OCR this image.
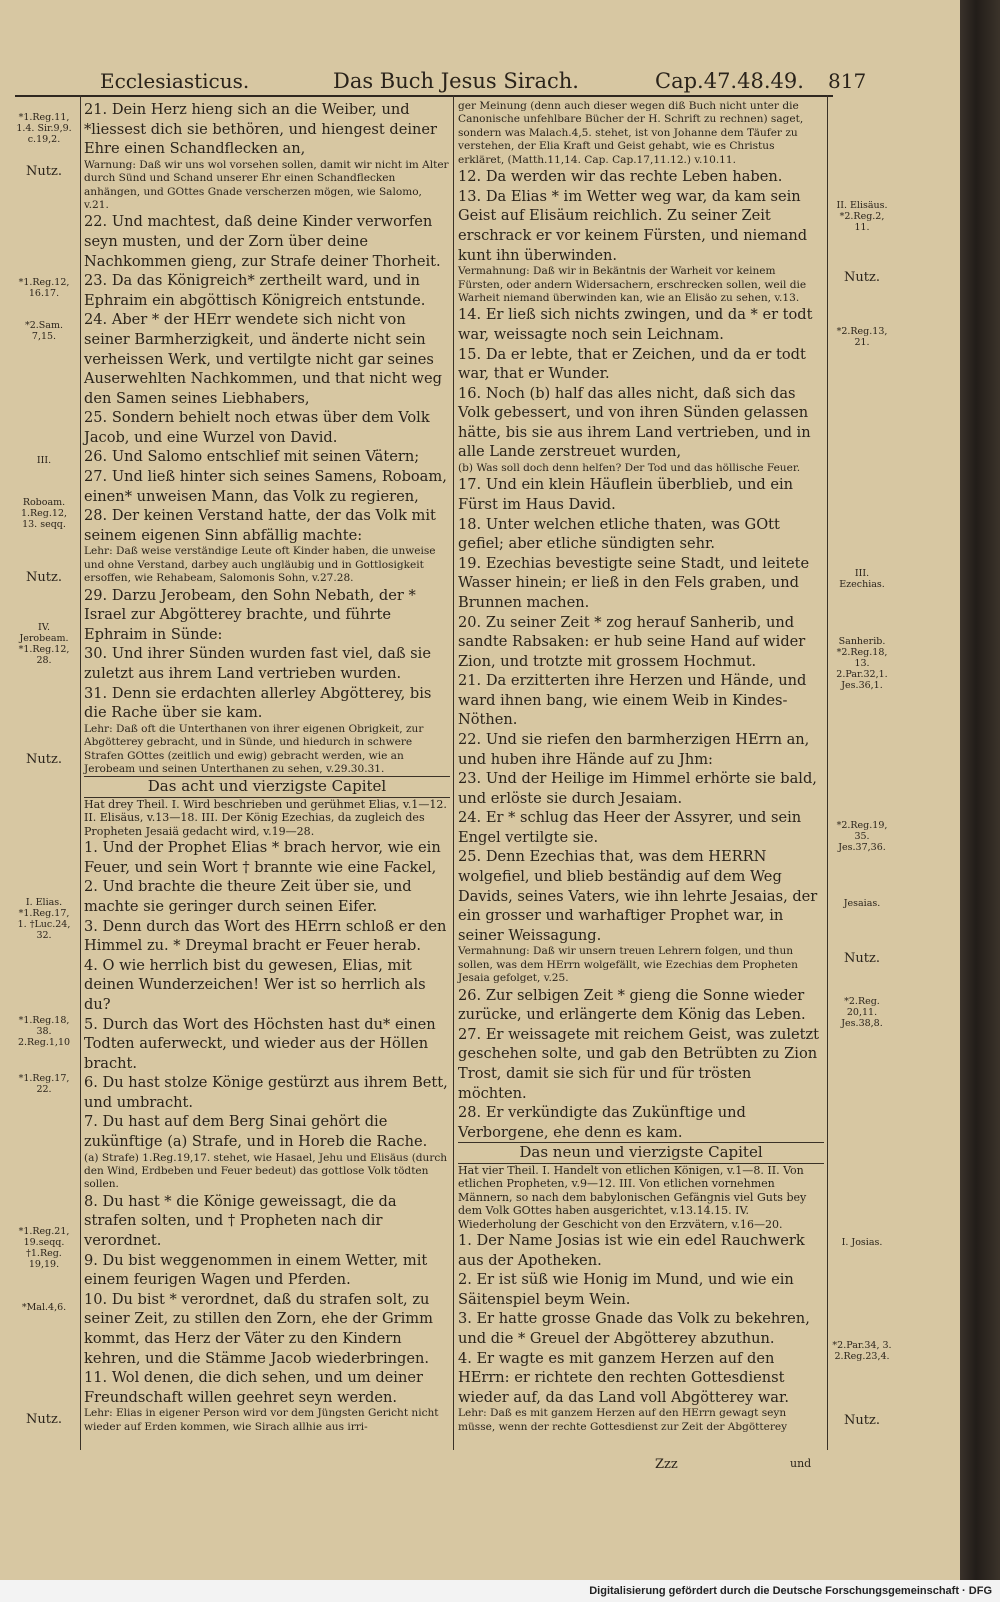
Ecclesiasticus.	Das Buch Jesus Sirach.	Cap.47.48.49. 817
*1.Reg.11, 1.4. Sir.9,9. c.19,2.
Nutz.
*1.Reg.12, 16.17.
*2.Sam. 7,15.
III.
Roboam. 1.Reg.12, 13. seqq.
Nutz.
IV. Jerobeam. *1.Reg.12, 28.
Nutz.
I. Elias. *1.Reg.17, 1. †Luc.24, 32.
*1.Reg.18, 38. 2.Reg.1,10
*1.Reg.17, 22.
*1.Reg.21, 19.seqq. †1.Reg. 19,19.
*Mal.4,6.
Nutz.
II. Elisäus. *2.Reg.2, 11.
Nutz.
*2.Reg.13, 21.
III. Ezechias.
Sanherib. *2.Reg.18, 13. 2.Par.32,1. Jes.36,1.
*2.Reg.19, 35. Jes.37,36.
Jesaias.
Nutz.
*2.Reg. 20,11. Jes.38,8.
I. Josias.
*2.Par.34, 3. 2.Reg.23,4.
Nutz.

21. Dein Herz hieng sich an die Weiber, und *liessest dich sie bethören, und hiengest deiner Ehre einen Schandflecken an,

Warnung: Daß wir uns wol vorsehen sollen, damit wir nicht im Alter durch Sünd und Schand unserer Ehr einen Schandflecken anhängen, und GOttes Gnade verscherzen mögen, wie Salomo, v.21.

22. Und machtest, daß deine Kinder verworfen seyn musten, und der Zorn über deine Nachkommen gieng, zur Strafe deiner Thorheit.

23. Da das Königreich* zertheilt ward, und in Ephraim ein abgöttisch Königreich entstunde.

24. Aber * der HErr wendete sich nicht von seiner Barmherzigkeit, und änderte nicht sein verheissen Werk, und vertilgte nicht gar seines Auserwehlten Nachkommen, und that nicht weg den Samen seines Liebhabers,

25. Sondern behielt noch etwas über dem Volk Jacob, und eine Wurzel von David.

26. Und Salomo entschlief mit seinen Vätern;

27. Und ließ hinter sich seines Samens, Roboam, einen* unweisen Mann, das Volk zu regieren,

28. Der keinen Verstand hatte, der das Volk mit seinem eigenen Sinn abfällig machte:

Lehr: Daß weise verständige Leute oft Kinder haben, die unweise und ohne Verstand, darbey auch ungläubig und in Gottlosigkeit ersoffen, wie Rehabeam, Salomonis Sohn, v.27.28.

29. Darzu Jerobeam, den Sohn Nebath, der * Israel zur Abgötterey brachte, und führte Ephraim in Sünde:

30. Und ihrer Sünden wurden fast viel, daß sie zuletzt aus ihrem Land vertrieben wurden.

31. Denn sie erdachten allerley Abgötterey, bis die Rache über sie kam.

Lehr: Daß oft die Unterthanen von ihrer eigenen Obrigkeit, zur Abgötterey gebracht, und in Sünde, und hiedurch in schwere Strafen GOttes (zeitlich und ewig) gebracht werden, wie an Jerobeam und seinen Unterthanen zu sehen, v.29.30.31.

Das acht und vierzigste Capitel

Hat drey Theil. I. Wird beschrieben und gerühmet Elias, v.1—12. II. Elisäus, v.13—18. III. Der König Ezechias, da zugleich des Propheten Jesaiä gedacht wird, v.19—28.

1. Und der Prophet Elias * brach hervor, wie ein Feuer, und sein Wort † brannte wie eine Fackel,

2. Und brachte die theure Zeit über sie, und machte sie geringer durch seinen Eifer.

3. Denn durch das Wort des HErrn schloß er den Himmel zu. * Dreymal bracht er Feuer herab.

4. O wie herrlich bist du gewesen, Elias, mit deinen Wunderzeichen! Wer ist so herrlich als du?

5. Durch das Wort des Höchsten hast du* einen Todten auferweckt, und wieder aus der Höllen bracht.

6. Du hast stolze Könige gestürzt aus ihrem Bett, und umbracht.

7. Du hast auf dem Berg Sinai gehört die zukünftige (a) Strafe, und in Horeb die Rache.

(a) Strafe) 1.Reg.19,17. stehet, wie Hasael, Jehu und Elisäus (durch den Wind, Erdbeben und Feuer bedeut) das gottlose Volk tödten sollen.

8. Du hast * die Könige geweissagt, die da strafen solten, und † Propheten nach dir verordnet.

9. Du bist weggenommen in einem Wetter, mit einem feurigen Wagen und Pferden.

10. Du bist * verordnet, daß du strafen solt, zu seiner Zeit, zu stillen den Zorn, ehe der Grimm kommt, das Herz der Väter zu den Kindern kehren, und die Stämme Jacob wiederbringen.

11. Wol denen, die dich sehen, und um deiner Freundschaft willen geehret seyn werden.

Lehr: Elias in eigener Person wird vor dem Jüngsten Gericht nicht wieder auf Erden kommen, wie Sirach allhie aus irri-

ger Meinung (denn auch dieser wegen diß Buch nicht unter die Canonische unfehlbare Bücher der H. Schrift zu rechnen) saget, sondern was Malach.4,5. stehet, ist von Johanne dem Täufer zu verstehen, der Elia Kraft und Geist gehabt, wie es Christus erkläret, (Matth.11,14. Cap. Cap.17,11.12.) v.10.11.

12. Da werden wir das rechte Leben haben.

13. Da Elias * im Wetter weg war, da kam sein Geist auf Elisäum reichlich. Zu seiner Zeit erschrack er vor keinem Fürsten, und niemand kunt ihn überwinden.

Vermahnung: Daß wir in Bekäntnis der Warheit vor keinem Fürsten, oder andern Widersachern, erschrecken sollen, weil die Warheit niemand überwinden kan, wie an Elisäo zu sehen, v.13.

14. Er ließ sich nichts zwingen, und da * er todt war, weissagte noch sein Leichnam.

15. Da er lebte, that er Zeichen, und da er todt war, that er Wunder.

16. Noch (b) half das alles nicht, daß sich das Volk gebessert, und von ihren Sünden gelassen hätte, bis sie aus ihrem Land vertrieben, und in alle Lande zerstreuet wurden,

(b) Was soll doch denn helfen? Der Tod und das höllische Feuer.

17. Und ein klein Häuflein überblieb, und ein Fürst im Haus David.

18. Unter welchen etliche thaten, was GOtt gefiel; aber etliche sündigten sehr.

19. Ezechias bevestigte seine Stadt, und leitete Wasser hinein; er ließ in den Fels graben, und Brunnen machen.

20. Zu seiner Zeit * zog herauf Sanherib, und sandte Rabsaken: er hub seine Hand auf wider Zion, und trotzte mit grossem Hochmut.

21. Da erzitterten ihre Herzen und Hände, und ward ihnen bang, wie einem Weib in Kindes-Nöthen.

22. Und sie riefen den barmherzigen HErrn an, und huben ihre Hände auf zu Jhm:

23. Und der Heilige im Himmel erhörte sie bald, und erlöste sie durch Jesaiam.

24. Er * schlug das Heer der Assyrer, und sein Engel vertilgte sie.

25. Denn Ezechias that, was dem HERRN wolgefiel, und blieb beständig auf dem Weg Davids, seines Vaters, wie ihn lehrte Jesaias, der ein grosser und warhaftiger Prophet war, in seiner Weissagung.

Vermahnung: Daß wir unsern treuen Lehrern folgen, und thun sollen, was dem HErrn wolgefällt, wie Ezechias dem Propheten Jesaia gefolget, v.25.

26. Zur selbigen Zeit * gieng die Sonne wieder zurücke, und erlängerte dem König das Leben.

27. Er weissagete mit reichem Geist, was zuletzt geschehen solte, und gab den Betrübten zu Zion Trost, damit sie sich für und für trösten möchten.

28. Er verkündigte das Zukünftige und Verborgene, ehe denn es kam.

Das neun und vierzigste Capitel

Hat vier Theil. I. Handelt von etlichen Königen, v.1—8. II. Von etlichen Propheten, v.9—12. III. Von etlichen vornehmen Männern, so nach dem babylonischen Gefängnis viel Guts bey dem Volk GOttes haben ausgerichtet, v.13.14.15. IV. Wiederholung der Geschicht von den Erzvätern, v.16—20.

1. Der Name Josias ist wie ein edel Rauchwerk aus der Apotheken.

2. Er ist süß wie Honig im Mund, und wie ein Säitenspiel beym Wein.

3. Er hatte grosse Gnade das Volk zu bekehren, und die * Greuel der Abgötterey abzuthun.

4. Er wagte es mit ganzem Herzen auf den HErrn: er richtete den rechten Gottesdienst wieder auf, da das Land voll Abgötterey war.

Lehr: Daß es mit ganzem Herzen auf den HErrn gewagt seyn müsse, wenn der rechte Gottesdienst zur Zeit der Abgötterey

Zzz	und
Digitalisierung gefördert durch die Deutsche Forschungsgemeinschaft · DFG
